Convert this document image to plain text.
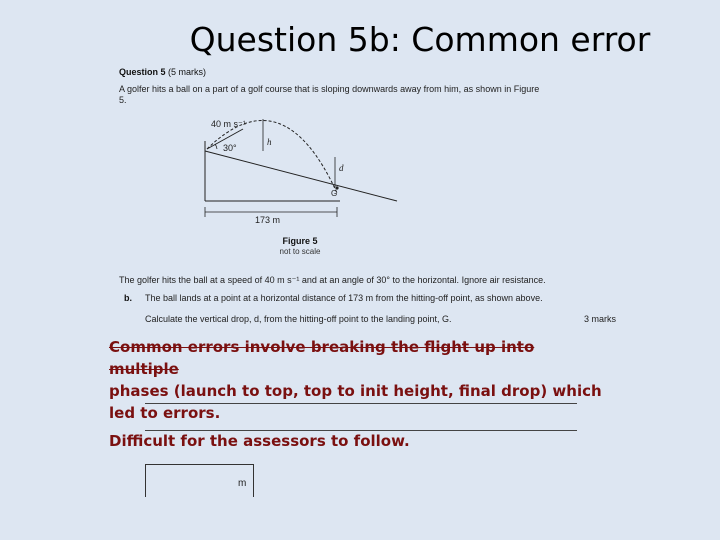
Question 5b: Common error
Question 5 (5 marks)
A golfer hits a ball on a part of a golf course that is sloping downwards away from him, as shown in Figure 5.
40 m s⁻¹
30°
h
d
G
173 m
Figure 5
not to scale
The golfer hits the ball at a speed of 40 m s⁻¹ and at an angle of 30° to the horizontal. Ignore air resistance.
b. The ball lands at a point at a horizontal distance of 173 m from the hitting-off point, as shown above.
Calculate the vertical drop, d, from the hitting-off point to the landing point, G.	3 marks
Common errors involve breaking the flight up into multiple
phases (launch to top, top to init height, final drop) which
led to errors.
Difficult for the assessors to follow.
m
